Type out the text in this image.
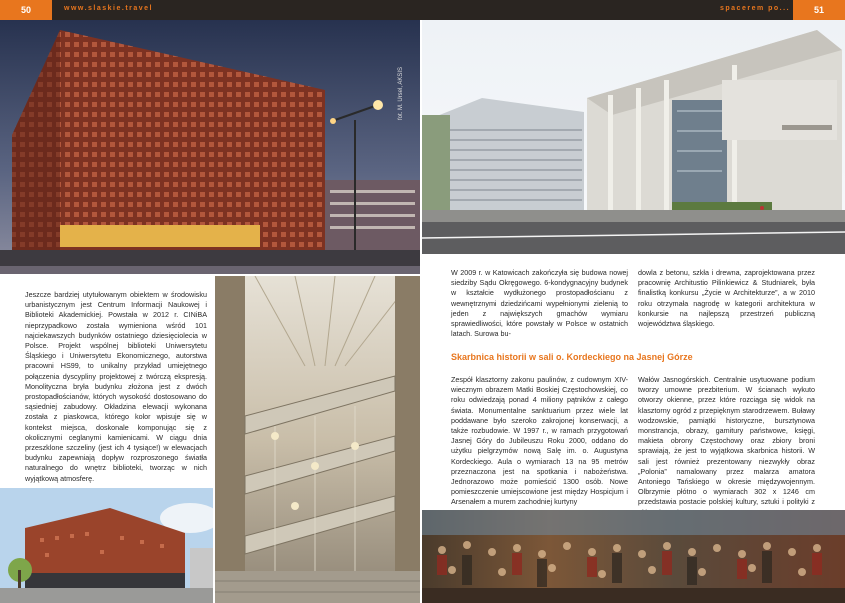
50	www.slaskie.travel	spacerem po...	51
fot. M. Ursel, AKSIS

Jeszcze bardziej utytułowanym obiektem w środowisku urbanistycznym jest Centrum Informacji Naukowej i Biblioteki Akademickiej. Powstała w 2012 r. CINiBA nieprzypadkowo została wymieniona wśród 101 najciekawszych budynków ostatniego dziesięciolecia w Polsce. Projekt wspólnej biblioteki Uniwersytetu Śląskiego i Uniwersytetu Ekonomicznego, autorstwa pracowni HS99, to unikalny przykład umiejętnego połączenia dyscypliny projektowej z twórczą ekspresją. Monolityczna bryła budynku złożona jest z dwóch prostopadłościanów, których wysokość dostosowano do sąsiedniej zabudowy. Okładzina elewacji wykonana została z piaskowca, którego kolor wpisuje się w kontekst miejsca, doskonale komponując się z okolicznymi ceglanymi kamienicami. W ciągu dnia przeszklone szczeliny (jest ich 4 tysiące!) w elewacjach budynku zapewniają dopływ rozproszonego światła naturalnego do wnętrz biblioteki, tworząc w nich wyjątkową atmosferę.

W 2009 r. w Katowicach zakończyła się budowa nowej siedziby Sądu Okręgowego. 6-kondygnacyjny budynek w kształcie wydłużonego prostopadłościanu z wewnętrznymi dziedzińcami wypełnionymi zielenią to jeden z największych gmachów wymiaru sprawiedliwości, które powstały w Polsce w ostatnich latach. Surowa bu-

dowla z betonu, szkła i drewna, zaprojektowana przez pracownię Architustio Pilinkiewicz & Studniarek, była finalistką konkursu „Życie w Architekturze”, a w 2010 roku otrzymała nagrodę w kategorii architektura w konkursie na najlepszą przestrzeń publiczną województwa śląskiego.

Skarbnica historii w sali o. Kordeckiego na Jasnej Górze

Zespół klasztorny zakonu paulinów, z cudownym XIV-wiecznym obrazem Matki Boskiej Częstochowskiej, co roku odwiedzają ponad 4 miliony pątników z całego świata. Monumentalne sanktuarium przez wiele lat poddawane było szeroko zakrojonej konserwacji, a także rozbudowie. W 1997 r., w ramach przygotowań Jasnej Góry do Jubileuszu Roku 2000, oddano do użytku pielgrzymów nową Salę im. o. Augustyna Kordeckiego. Aula o wymiarach 13 na 95 metrów przeznaczona jest na spotkania i nabożeństwa. Jednorazowo może pomieścić 1300 osób. Nowe pomieszczenie umiejscowione jest między Hospicjum i Arsenałem a murem zachodniej kurtyny

Wałów Jasnogórskich. Centralnie usytuowane podium tworzy umowne prezbiterium. W ścianach wykuto otworzy okienne, przez które rozciąga się widok na klasztorny ogród z przepięknym starodrzewem. Buławy wodzowskie, pamiątki historyczne, bursztynowa monstrancja, obrazy, gamitury państwowe, księgi, makieta obrony Częstochowy oraz zbiory broni sprawiają, że jest to wyjątkowa skarbnica historii. W sali jest również prezentowany niezwykły obraz „Polonia” namalowany przez malarza amatora Antoniego Tańskiego w okresie międzywojennym. Olbrzymie płótno o wymiarach 302 x 1246 cm przedstawia postacie polskiej kultury, sztuki i polityki z
